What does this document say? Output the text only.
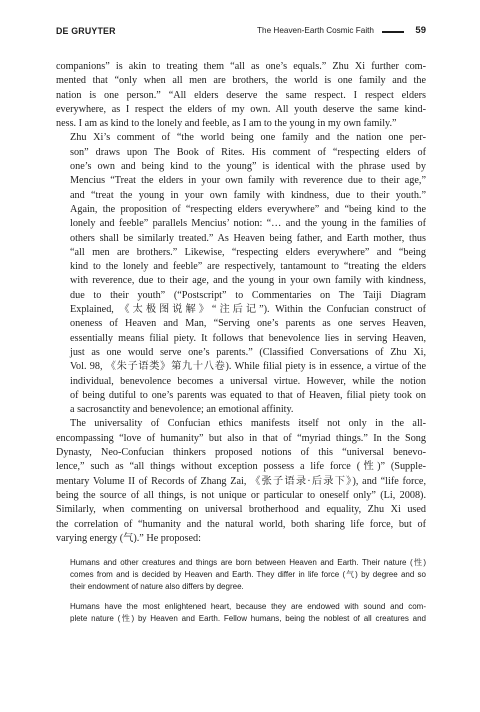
DE GRUYTER	The Heaven-Earth Cosmic Faith	59

companions” is akin to treating them “all as one’s equals.” Zhu Xi further com-
mented that “only when all men are brothers, the world is one family and the
nation is one person.” “All elders deserve the same respect. I respect elders
everywhere, as I respect the elders of my own. All youth deserve the same kind-
ness. I am as kind to the lonely and feeble, as I am to the young in my own family.”

Zhu Xi’s comment of “the world being one family and the nation one per-
son” draws upon The Book of Rites. His comment of “respecting elders of
one’s own and being kind to the young” is identical with the phrase used by
Mencius “Treat the elders in your own family with reverence due to their age,”
and “treat the young in your own family with kindness, due to their youth.”
Again, the proposition of “respecting elders everywhere” and “being kind to the
lonely and feeble” parallels Mencius’ notion: “… and the young in the families of
others shall be similarly treated.” As Heaven being father, and Earth mother, thus
“all men are brothers.” Likewise, “respecting elders everywhere” and “being
kind to the lonely and feeble” are respectively, tantamount to “treating the elders
with reverence, due to their age, and the young in your own family with kindness,
due to their youth” (“Postscript” to Commentaries on The Taiji Diagram
Explained, 《太极图说解》“注后记”). Within the Confucian construct of
oneness of Heaven and Man, “Serving one’s parents as one serves Heaven,
essentially means filial piety. It follows that benevolence lies in serving Heaven,
just as one would serve one’s parents.” (Classified Conversations of Zhu Xi,
Vol. 98, 《朱子语类》第九十八卷). While filial piety is in essence, a virtue of the
individual, benevolence becomes a universal virtue. However, while the notion
of being dutiful to one’s parents was equated to that of Heaven, filial piety took on
a sacrosanctity and benevolence; an emotional affinity.

The universality of Confucian ethics manifests itself not only in the all-
encompassing “love of humanity” but also in that of “myriad things.” In the Song
Dynasty, Neo-Confucian thinkers proposed notions of this “universal benevo-
lence,” such as “all things without exception possess a life force (性)” (Supple-
mentary Volume II of Records of Zhang Zai, 《张子语录·后录下》), and “life force,
being the source of all things, is not unique or particular to oneself only” (Li, 2008).
Similarly, when commenting on universal brotherhood and equality, Zhu Xi used
the correlation of “humanity and the natural world, both sharing life force, but of
varying energy (气).” He proposed:

Humans and other creatures and things are born between Heaven and Earth. Their nature (性)
comes from and is decided by Heaven and Earth. They differ in life force (气) by degree and so
their endowment of nature also differs by degree.

Humans have the most enlightened heart, because they are endowed with sound and com-
plete nature (性) by Heaven and Earth. Fellow humans, being the noblest of all creatures and
